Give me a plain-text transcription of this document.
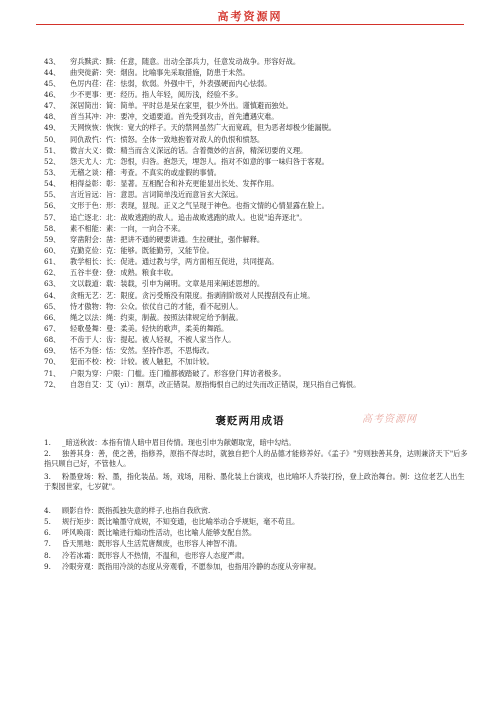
高考资源网
43、 穷兵黩武：黩：任意，随意。出动全部兵力，任意发动战争。形容好战。
44、 曲突徙薪：突：烟囱。比喻事先采取措施，防患于未然。
45、 色厉内荏：荏：怯弱，软弱。外强中干，外表强硬而内心怯弱。
46、 少不更事：更：经历。指人年轻，阅历浅，经验不多。
47、 深居简出：简：简单。平时总是呆在家里，很少外出。谨慎避而独处。
48、 首当其冲：冲：要冲，交通要道。首先受到攻击，首先遭遇灾难。
49、 天网恢恢：恢恢：宽大的样子。天的禁网虽然广大而宽疏，但为恶者却极少能漏脱。
50、 同仇敌忾：忾：愤怒。全体一致地抱着对敌人的仇恨和愤怒。
51、 微言大义：微：精当而含义深远的话。含着微妙的言辞，精深切要的义理。
52、 怨天尤人：尤：怨恨，归咎。抱怨天，埋怨人。指对不如意的事一味归咎于客观。
53、 无稽之谈：稽：考查。不真实的或虚假的事情。
54、 相得益彰：彰：显著。互相配合和补充更能显出长处、发挥作用。
55、 言近旨远：旨：意思。言词简单浅近而意旨玄大深远。
56、 文形于色：形：表现，显现。正义之气呈现于神色。也指文情的心情显露在脸上。
57、 追亡逐北：北：战败逃跑的敌人。追击战败逃跑的敌人。也说"追奔逐北"。
58、 素不相能：素：一向，一向合不来。
59、 穿凿附会：凿：把讲不通的硬要讲通。生拉硬扯，强作解释。
60、 克勤克俭：克：能够。既能勤劳，又能节俭。
61、 教学相长：长：促进。通过教与学，两方面相互促进，共同提高。
62、 五谷丰登：登：成熟。粮食丰收。
63、 文以载道：载：装载，引申为阐明。文章是用来阐述思想的。
64、 贪贿无艺：艺：限度。贪污受贿没有限度。指剥削阶级对人民搜刮没有止境。
65、 恃才傲物：物：公众。依仗自己的才能，看不起别人。
66、 绳之以法：绳：约束，制裁。按照法律规定给予制裁。
67、 轻歌曼舞：曼：柔美。轻快的歌声，柔美的舞蹈。
68、 不齿于人：齿：提起。被人轻视，不被人家当作人。
69、 恬不为怪：恬：安然。坚持作恶，不思悔改。
70、 犯而不校：校：计较。被人触犯，不加计较。
71、 户限为穿：户限：门槛。连门槛都被踏破了。形容登门拜访者极多。
72、 自怨自艾：艾（yì）：割草，改正错误。原指悔恨自己的过失而改正错误，现只指自己悔恨。
褒贬两用成语	高考资源网
1. _暗送秋波：本指有情人暗中眉目传情。现也引申为献媚取宠，暗中勾结。
2. 独善其身：善，使之善，指修养，原指不得志时，就独自把个人的品德才能修养好。《孟子》"穷则独善其身，达则兼济天下"后多指只顾自己好，不管他人。
3. 粉墨登场：粉、墨，指化装品。场，戏场，用粉、墨化装上台演戏，也比喻坏人乔装打扮，登上政治舞台。例：这位老艺人出生于梨园世家，七岁就"。
4. 顾影自怜：既指孤独失意的样子,也指自我欣赏.
5. 规行矩步：既比喻墨守成规，不知变通，也比喻举动合乎规矩，毫不苟且。
6. 呼风唤雨：既比喻进行煽动性活动，也比喻人能够支配自然。
7. 昏天黑地：既形容人生活荒唐颓废，也形容人神智不清。
8. 冷若冰霜：既形容人不热情，不温和，也形容人态度严肃。
9. 冷眼旁观：既指用冷淡的态度从旁观看，不愿参加，也指用冷静的态度从旁审视。
